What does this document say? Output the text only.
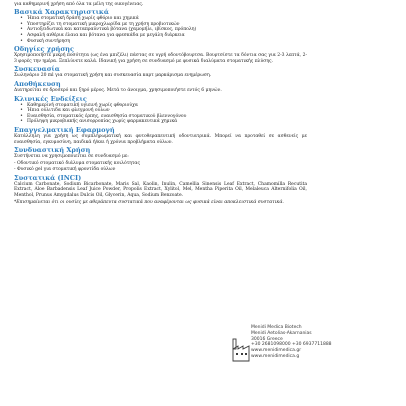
για καθημερινή χρήση από όλα τα μέλη της οικογένειας.

Βασικά Χαρακτηριστικά
• Ήπια στοματική δράση χωρίς φθόριο και χημικά
• Υποστηρίζει τη στοματική μικροχλωρίδα με τη χρήση προβιοτικών
• Αντιοξειδωτικά και καταπραϋντικά βότανα (χαμομήλι, ιβίσκος, πρόπολη)
• Ασφαλή αιθέρια έλαια και βότανα για φρεσκάδα με μεγάλη διάρκεια
• Φυσική συντήρηση
Οδηγίες χρήσης

Χρησιμοποιήστε μικρή ποσότητα (ως ένα μπιζέλι) πάστας σε υγρή οδοντόβουρτσα. Βουρτσίστε τα δόντια σας για 2-3 λεπτά, 2-3 φορές την ημέρα. Ξεπλύνετε καλά. Ιδανική για χρήση σε συνδυασμό με φυσικά διαλύματα στοματικής πλύσης.

Συσκευασία

Σωληνάριο 20 ml για στοματική χρήση και συσκευασία καρτ μαρκάρισμα ενημέρωση.

Αποθήκευση

Διατηρείται σε δροσερό και ξηρό μέρος. Μετά το άνοιγμα, χρησιμοποιήστε εντός 6 μηνών.

Κλινικές Ενδείξεις
• Καθημερινή στοματική υγιεινή χωρίς φθοριούχα
• Ήπια ούλιτιδα και φλεγμονή ούλων
• Ευαισθησία, στοματικός έρπης, ευαισθησία στοματικού βλεννογόνου
• Πρόληψη μικροβιακής ανισορροπίας χωρίς φαρμακευτικά χημικά
Επαγγελματική Εφαρμογή

Κατάλληλη για χρήση ως συμπληρωματική και φυτοθεραπευτική οδοντιατρικά. Μπορεί να προταθεί σε ασθενείς με ευαισθησία, εγκυμοσύνη, παιδικά ή/και ή χρόνια προβλήματα ούλων.

Συνδυαστική Χρήση

Συστήνεται να χρησιμοποιείται σε συνδυασμό με:

- Οδοντικό στοματικό διάλυμα στοματικής κοιλότητας

- Φυσικό gel για στοματική φροντίδα ούλων

Συστατικά (INCI)

Calcium Carbonate, Sodium Bicarbonate, Maris Sal, Kaolin, Inulin, Camellia Sinensis Leaf Extract, Chamomilla Recutita Extract, Aloe Barbadensis Leaf Juice Powder, Propolis Extract, Xylitol, Mel, Mentha Piperita Oil, Melaleuca Alternifolia Oil, Menthol, Prunus Amygdalus Dulcis Oil, Glycerin, Aqua, Sodium Benzoate.

*Επισημαίνεται ότι οι ουσίες με αθεράπευτα συστατικά που αναφέρονται ως φυσικά είναι αποκλειστικά συστατικά.

Menidi Medica Biotech
Menidi Aetolias-Akarnanias
30016 Greece
+30 2681098000 +30 6937711888
www.menidimedica.gr
www.menidimedica.g
